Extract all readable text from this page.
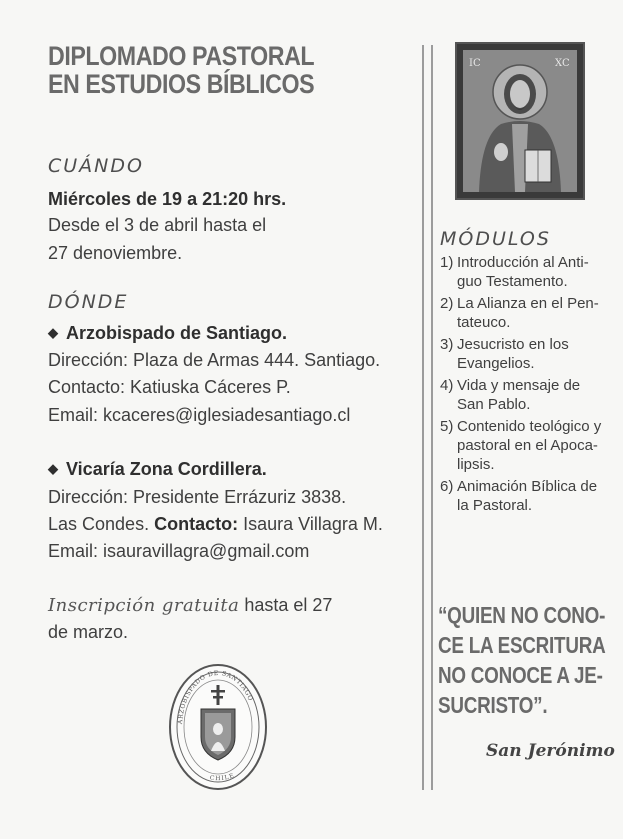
DIPLOMADO PASTORAL
EN ESTUDIOS BÍBLICOS
CUÁNDO
Miércoles de 19 a 21:20 hrs.
Desde el 3 de abril hasta el
27 denoviembre.
DÓNDE
◆ Arzobispado de Santiago.
Dirección: Plaza de Armas 444. Santiago.
Contacto: Katiuska Cáceres P.
Email: kcaceres@iglesiadesantiago.cl
◆ Vicaría Zona Cordillera.
Dirección: Presidente Errázuriz 3838.
Las Condes. Contacto: Isaura Villagra M.
Email: isauravillagra@gmail.com
Inscripción gratuita hasta el 27
de marzo.
ARZOBISPADO DE SANTIAGO
CHILE
IC	XC
MÓDULOS
1) Introducción al Anti-
guo Testamento.
2) La Alianza en el Pen-
tateuco.
3) Jesucristo en los
Evangelios.
4) Vida y mensaje de
San Pablo.
5) Contenido teológico y
pastoral en el Apoca-
lipsis.
6) Animación Bíblica de
la Pastoral.
“QUIEN NO CONO-
CE LA ESCRITURA
NO CONOCE A JE-
SUCRISTO”.
San Jerónimo
